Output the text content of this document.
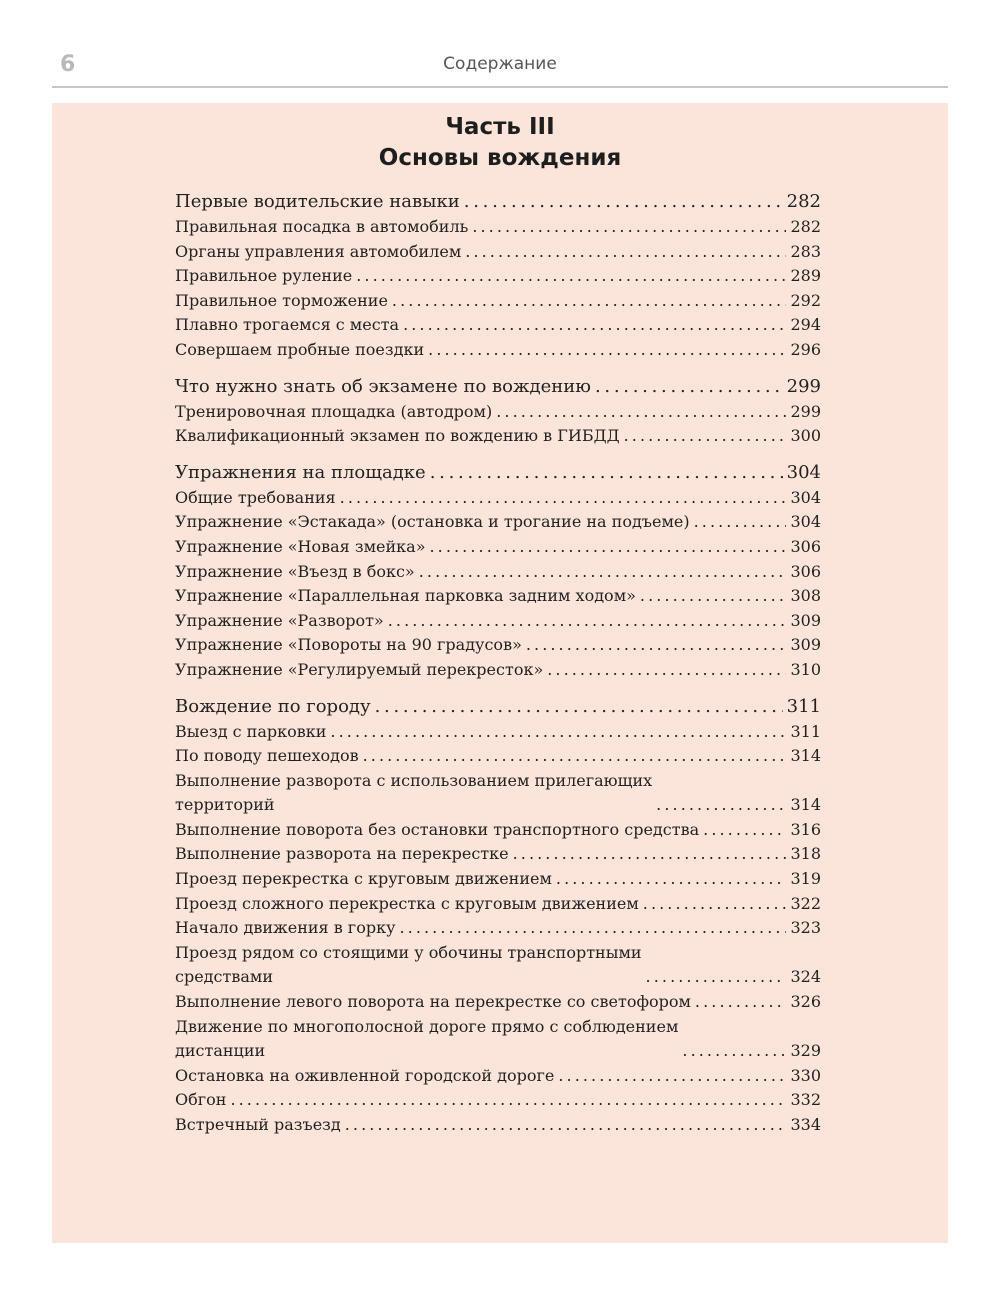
6	Содержание
Часть III
Основы вождения
Первые водительские навыки . . .	282
Правильная посадка в автомобиль . . .	282
Органы управления автомобилем . . .	283
Правильное руление . . .	289
Правильное торможение . . .	292
Плавно трогаемся с места . . .	294
Совершаем пробные поездки . . .	296
Что нужно знать об экзамене по вождению . . .	299
Тренировочная площадка (автодром) . . .	299
Квалификационный экзамен по вождению в ГИБДД . . .	300
Упражнения на площадке . . .	304
Общие требования . . .	304
Упражнение «Эстакада» (остановка и трогание на подъеме) . . .	304
Упражнение «Новая змейка» . . .	306
Упражнение «Въезд в бокс» . . .	306
Упражнение «Параллельная парковка задним ходом» . . .	308
Упражнение «Разворот» . . .	309
Упражнение «Повороты на 90 градусов» . . .	309
Упражнение «Регулируемый перекресток» . . .	310
Вождение по городу . . .	311
Выезд с парковки . . .	311
По поводу пешеходов . . .	314
Выполнение разворота с использованием прилегающих
территорий . . .	314
Выполнение поворота без остановки транспортного средства . . .	316
Выполнение разворота на перекрестке . . .	318
Проезд перекрестка с круговым движением . . .	319
Проезд сложного перекрестка с круговым движением . . .	322
Начало движения в горку . . .	323
Проезд рядом со стоящими у обочины транспортными
средствами . . .	324
Выполнение левого поворота на перекрестке со светофором . . .	326
Движение по многополосной дороге прямо с соблюдением
дистанции . . .	329
Остановка на оживленной городской дороге . . .	330
Обгон . . .	332
Встречный разъезд . . .	334
